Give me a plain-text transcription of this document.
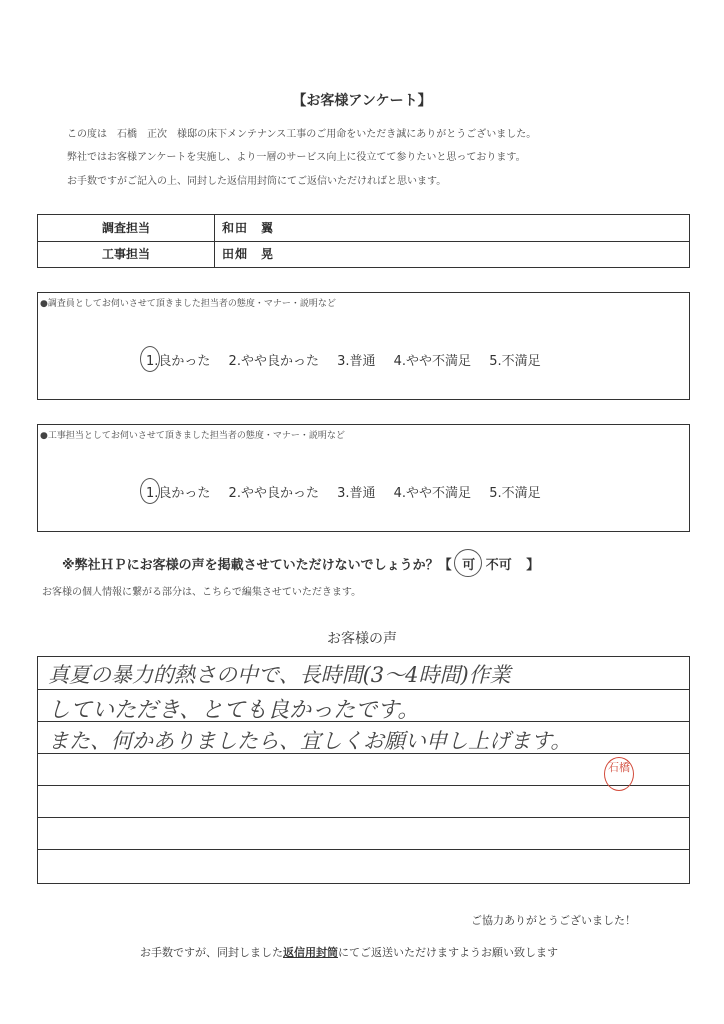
【お客様アンケート】
この度は　石橋　正次　様邸の床下メンテナンス工事のご用命をいただき誠にありがとうございました。
弊社ではお客様アンケートを実施し、より一層のサービス向上に役立てて参りたいと思っております。
お手数ですがご記入の上、同封した返信用封筒にてご返信いただければと思います。
調査担当	和田　翼
工事担当	田畑　晃
●調査員としてお伺いさせて頂きました担当者の態度・マナー・説明など
1.良かった 2.やや良かった 3.普通 4.やや不満足 5.不満足
●工事担当としてお伺いさせて頂きました担当者の態度・マナー・説明など
1.良かった 2.やや良かった 3.普通 4.やや不満足 5.不満足
※弊社ＨＰにお客様の声を掲載させていただけないでしょうか？【 可 不可 】
お客様の個人情報に繋がる部分は、こちらで編集させていただきます。
お客様の声
真夏の暴力的熱さの中で、長時間(3〜4時間)作業
していただき、とても良かったです。
また、何かありましたら、宜しくお願い申し上げます。
石橋
ご協力ありがとうございました！
お手数ですが、同封しました返信用封筒にてご返送いただけますようお願い致します
